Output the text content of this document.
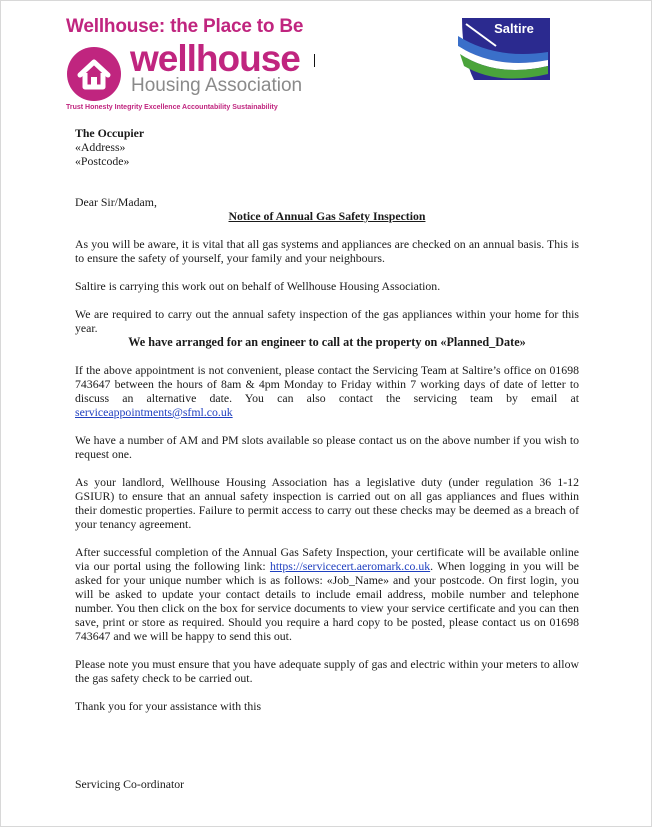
Wellhouse: the Place to Be
wellhouse
Housing Association
Trust Honesty Integrity Excellence Accountability Sustainability
Saltire

The Occupier

«Address»

«Postcode»

Dear Sir/Madam,

Notice of Annual Gas Safety Inspection

As you will be aware, it is vital that all gas systems and appliances are checked on an annual basis. This is to ensure the safety of yourself, your family and your neighbours.

Saltire is carrying this work out on behalf of Wellhouse Housing Association.

We are required to carry out the annual safety inspection of the gas appliances within your home for this year.

We have arranged for an engineer to call at the property on «Planned_Date»

If the above appointment is not convenient, please contact the Servicing Team at Saltire’s office on 01698 743647 between the hours of 8am & 4pm Monday to Friday within 7 working days of date of letter to discuss an alternative date. You can also contact the servicing team by email at serviceappointments@sfml.co.uk

We have a number of AM and PM slots available so please contact us on the above number if you wish to request one.

As your landlord, Wellhouse Housing Association has a legislative duty (under regulation 36 1-12 GSIUR) to ensure that an annual safety inspection is carried out on all gas appliances and flues within their domestic properties. Failure to permit access to carry out these checks may be deemed as a breach of your tenancy agreement.

After successful completion of the Annual Gas Safety Inspection, your certificate will be available online via our portal using the following link: https://servicecert.aeromark.co.uk. When logging in you will be asked for your unique number which is as follows: «Job_Name» and your postcode. On first login, you will be asked to update your contact details to include email address, mobile number and telephone number. You then click on the box for service documents to view your service certificate and you can then save, print or store as required. Should you require a hard copy to be posted, please contact us on 01698 743647 and we will be happy to send this out.

Please note you must ensure that you have adequate supply of gas and electric within your meters to allow the gas safety check to be carried out.

Thank you for your assistance with this

Servicing Co-ordinator
